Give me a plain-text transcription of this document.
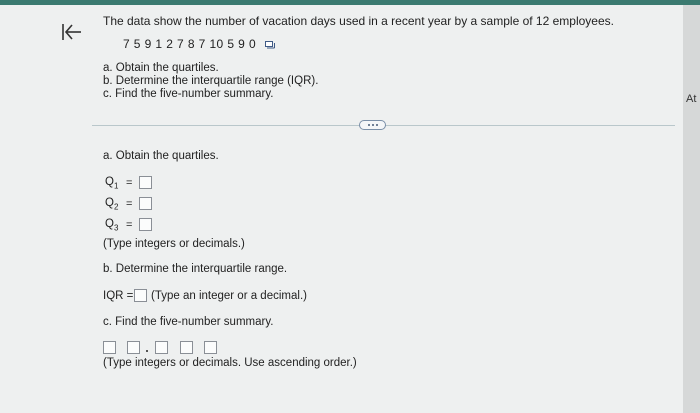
The data show the number of vacation days used in a recent year by a sample of 12 employees.
7 5 9 1 2 7 8 7 10 5 9 0
a. Obtain the quartiles.
b. Determine the interquartile range (IQR).
c. Find the five-number summary.
a. Obtain the quartiles.
$Q_1$ =
$Q_2$ =
$Q_3$ =
(Type integers or decimals.)
b. Determine the interquartile range.
IQR = (Type an integer or a decimal.)
c. Find the five-number summary.
(Type integers or decimals. Use ascending order.)
At
